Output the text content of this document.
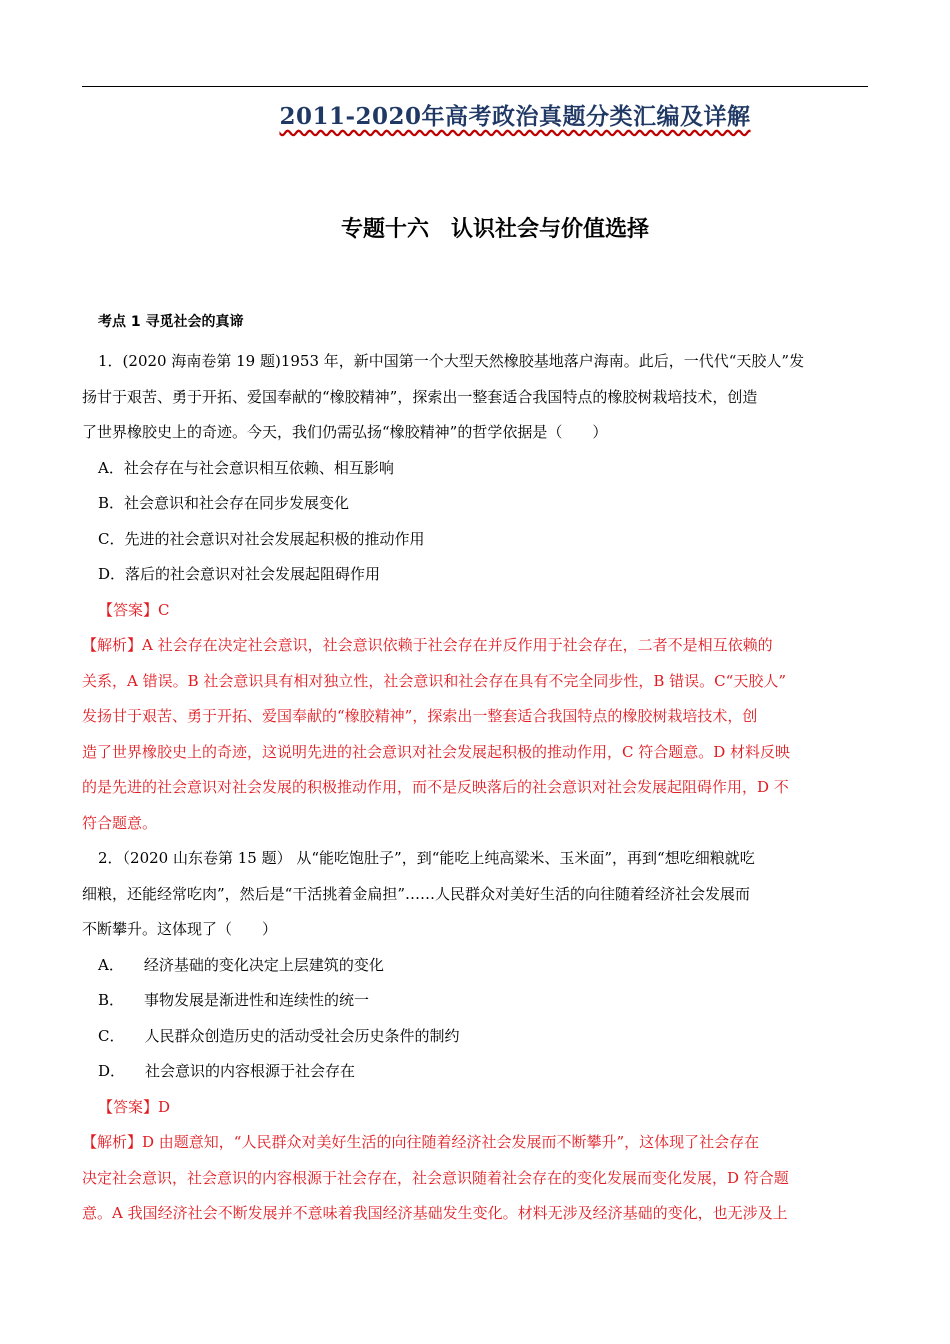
2011-2020年高考政治真题分类汇编及详解
专题十六 认识社会与价值选择

考点 1 寻觅社会的真谛

1．(2020 海南卷第 19 题)1953 年，新中国第一个大型天然橡胶基地落户海南。此后，一代代“天胶人”发

扬甘于艰苦、勇于开拓、爱国奉献的“橡胶精神”，探索出一整套适合我国特点的橡胶树栽培技术，创造

了世界橡胶史上的奇迹。今天，我们仍需弘扬“橡胶精神”的哲学依据是（　　）

A．社会存在与社会意识相互依赖、相互影响

B．社会意识和社会存在同步发展变化

C．先进的社会意识对社会发展起积极的推动作用

D．落后的社会意识对社会发展起阻碍作用

【答案】C

【解析】A 社会存在决定社会意识，社会意识依赖于社会存在并反作用于社会存在，二者不是相互依赖的

关系，A 错误。B 社会意识具有相对独立性，社会意识和社会存在具有不完全同步性，B 错误。C“天胶人”

发扬甘于艰苦、勇于开拓、爱国奉献的“橡胶精神”，探索出一整套适合我国特点的橡胶树栽培技术，创

造了世界橡胶史上的奇迹，这说明先进的社会意识对社会发展起积极的推动作用，C 符合题意。D 材料反映

的是先进的社会意识对社会发展的积极推动作用，而不是反映落后的社会意识对社会发展起阻碍作用，D 不

符合题意。

2．（2020 山东卷第 15 题） 从“能吃饱肚子”，到“能吃上纯高粱米、玉米面”，再到“想吃细粮就吃

细粮，还能经常吃肉”，然后是“干活挑着金扁担”……人民群众对美好生活的向往随着经济社会发展而

不断攀升。这体现了（　　）

A． 经济基础的变化决定上层建筑的变化

B． 事物发展是渐进性和连续性的统一

C． 人民群众创造历史的活动受社会历史条件的制约

D． 社会意识的内容根源于社会存在

【答案】D

【解析】D 由题意知，“人民群众对美好生活的向往随着经济社会发展而不断攀升”，这体现了社会存在

决定社会意识，社会意识的内容根源于社会存在，社会意识随着社会存在的变化发展而变化发展，D 符合题

意。A 我国经济社会不断发展并不意味着我国经济基础发生变化。材料无涉及经济基础的变化，也无涉及上
